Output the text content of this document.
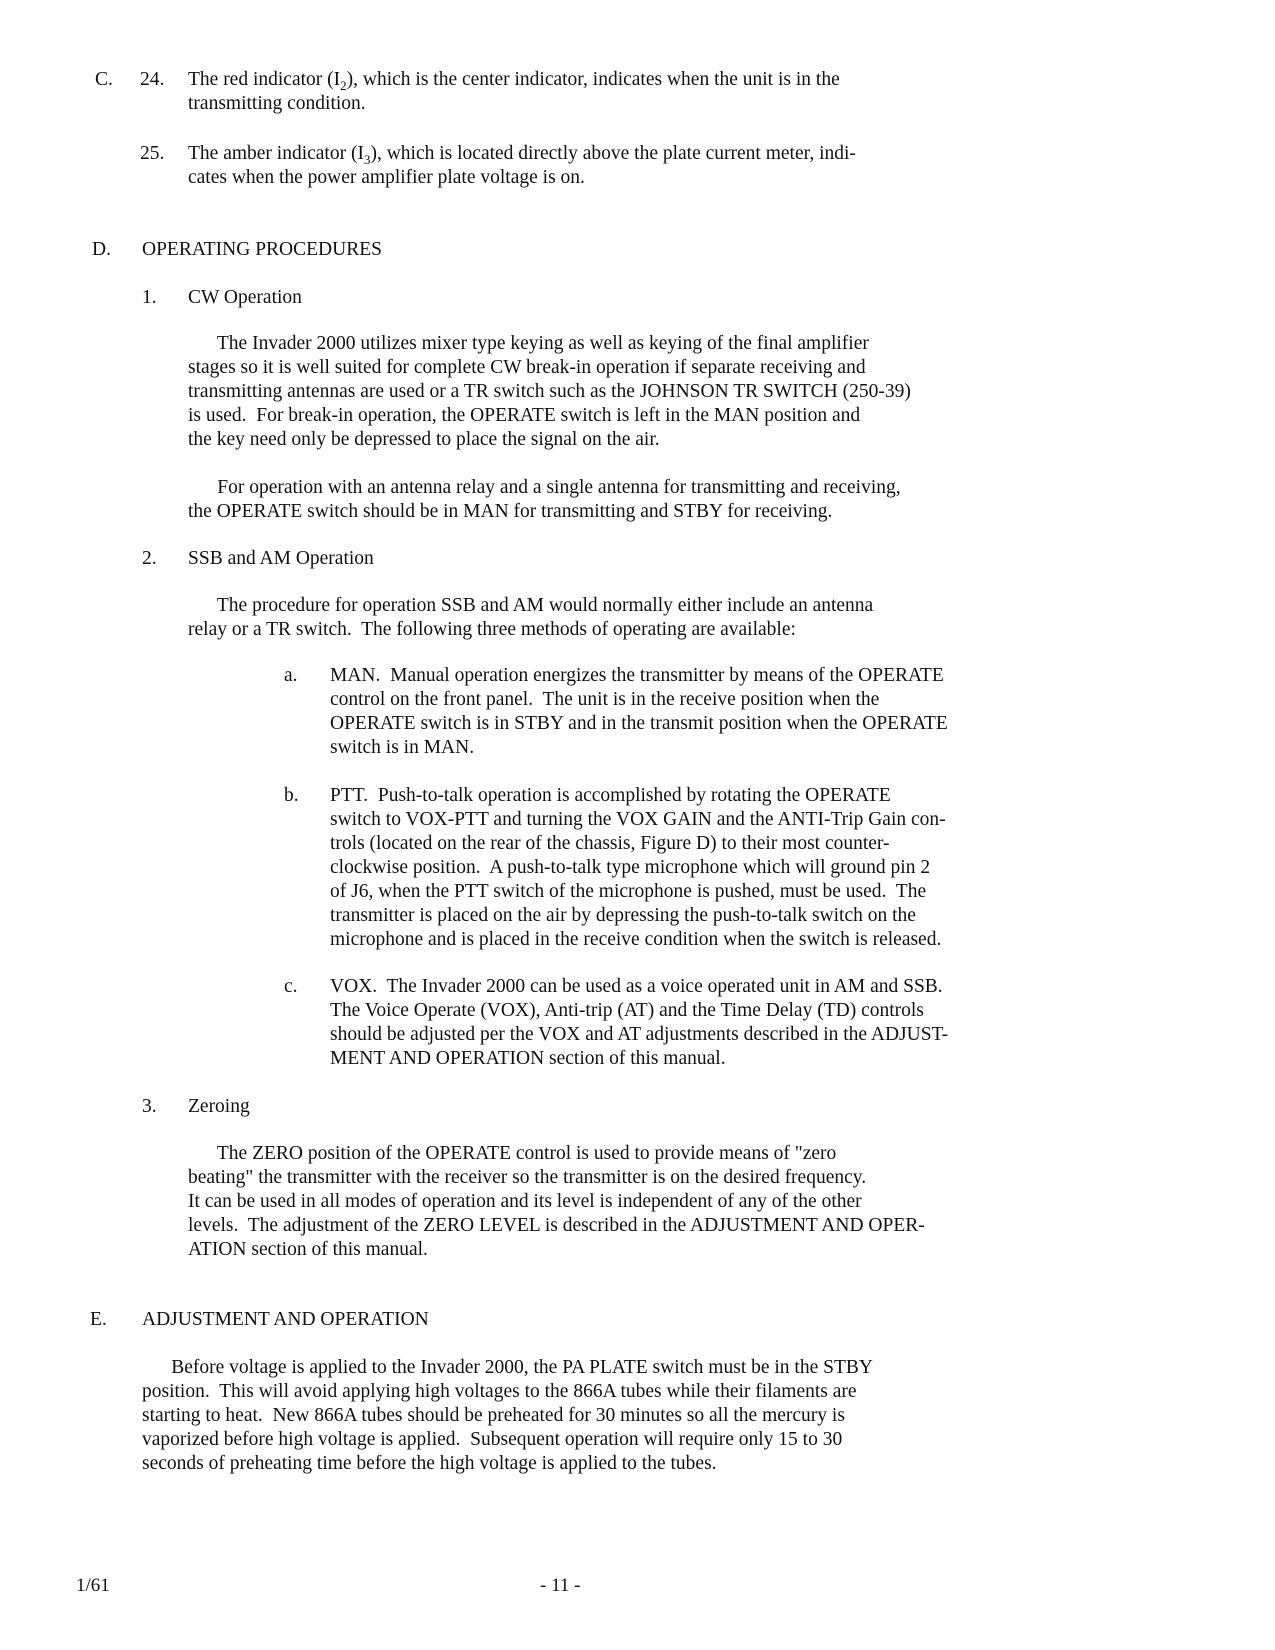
C. 24. The red indicator $(I_2)$, which is the center indicator, indicates when the unit is in the
transmitting condition.
25. The amber indicator $(I_3)$, which is located directly above the plate current meter, indi-
cates when the power amplifier plate voltage is on.
D. OPERATING PROCEDURES
1. CW Operation
The Invader 2000 utilizes mixer type keying as well as keying of the final amplifier
stages so it is well suited for complete CW break-in operation if separate receiving and
transmitting antennas are used or a TR switch such as the JOHNSON TR SWITCH (250-39)
is used.  For break-in operation, the OPERATE switch is left in the MAN position and
the key need only be depressed to place the signal on the air.
For operation with an antenna relay and a single antenna for transmitting and receiving,
the OPERATE switch should be in MAN for transmitting and STBY for receiving.
2. SSB and AM Operation
The procedure for operation SSB and AM would normally either include an antenna
relay or a TR switch.  The following three methods of operating are available:
a. MAN.  Manual operation energizes the transmitter by means of the OPERATE
control on the front panel.  The unit is in the receive position when the
OPERATE switch is in STBY and in the transmit position when the OPERATE
switch is in MAN.
b. PTT.  Push-to-talk operation is accomplished by rotating the OPERATE
switch to VOX-PTT and turning the VOX GAIN and the ANTI-Trip Gain con-
trols (located on the rear of the chassis, Figure D) to their most counter-
clockwise position.  A push-to-talk type microphone which will ground pin 2
of J6, when the PTT switch of the microphone is pushed, must be used.  The
transmitter is placed on the air by depressing the push-to-talk switch on the
microphone and is placed in the receive condition when the switch is released.
c. VOX.  The Invader 2000 can be used as a voice operated unit in AM and SSB.
The Voice Operate (VOX), Anti-trip (AT) and the Time Delay (TD) controls
should be adjusted per the VOX and AT adjustments described in the ADJUST-
MENT AND OPERATION section of this manual.
3. Zeroing
The ZERO position of the OPERATE control is used to provide means of "zero
beating" the transmitter with the receiver so the transmitter is on the desired frequency.
It can be used in all modes of operation and its level is independent of any of the other
levels.  The adjustment of the ZERO LEVEL is described in the ADJUSTMENT AND OPER-
ATION section of this manual.
E. ADJUSTMENT AND OPERATION
Before voltage is applied to the Invader 2000, the PA PLATE switch must be in the STBY
position.  This will avoid applying high voltages to the 866A tubes while their filaments are
starting to heat.  New 866A tubes should be preheated for 30 minutes so all the mercury is
vaporized before high voltage is applied.  Subsequent operation will require only 15 to 30
seconds of preheating time before the high voltage is applied to the tubes.
1/61	- 11 -
